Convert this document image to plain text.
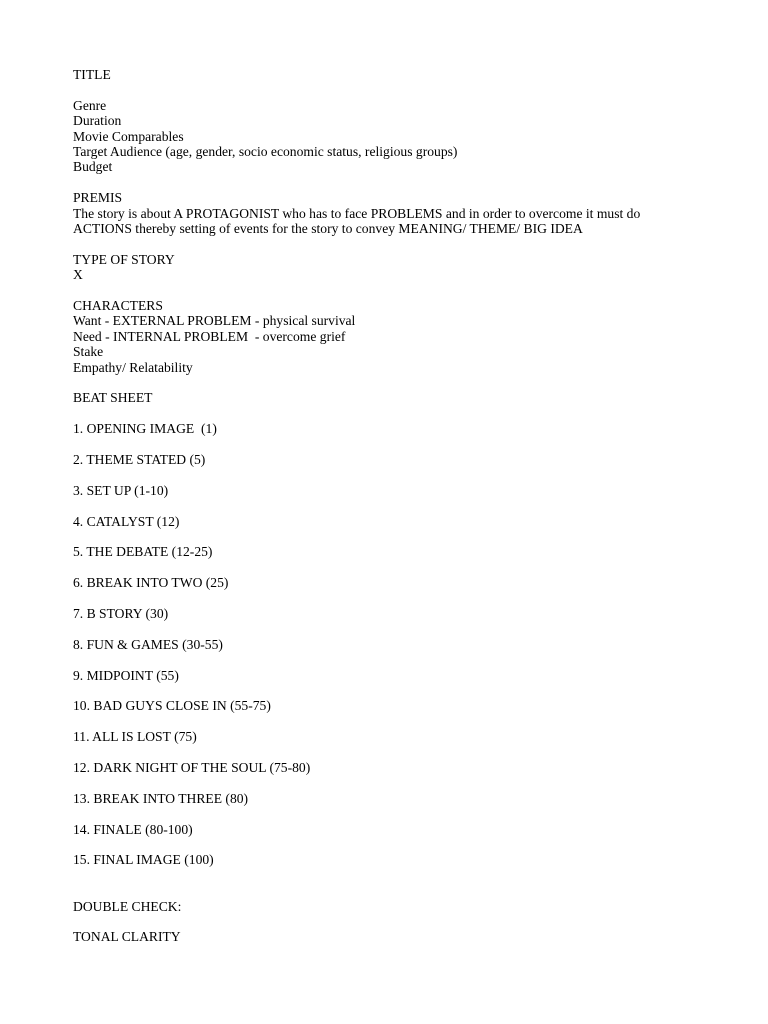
TITLE
Genre
Duration
Movie Comparables
Target Audience (age, gender, socio economic status, religious groups)
Budget
PREMIS
The story is about A PROTAGONIST who has to face PROBLEMS and in order to overcome it must do
ACTIONS thereby setting of events for the story to convey MEANING/ THEME/ BIG IDEA
TYPE OF STORY
X
CHARACTERS
Want - EXTERNAL PROBLEM - physical survival
Need - INTERNAL PROBLEM  - overcome grief
Stake
Empathy/ Relatability
BEAT SHEET
1. OPENING IMAGE  (1)
2. THEME STATED (5)
3. SET UP (1-10)
4. CATALYST (12)
5. THE DEBATE (12-25)
6. BREAK INTO TWO (25)
7. B STORY (30)
8. FUN & GAMES (30-55)
9. MIDPOINT (55)
10. BAD GUYS CLOSE IN (55-75)
11. ALL IS LOST (75)
12. DARK NIGHT OF THE SOUL (75-80)
13. BREAK INTO THREE (80)
14. FINALE (80-100)
15. FINAL IMAGE (100)
DOUBLE CHECK:
TONAL CLARITY
